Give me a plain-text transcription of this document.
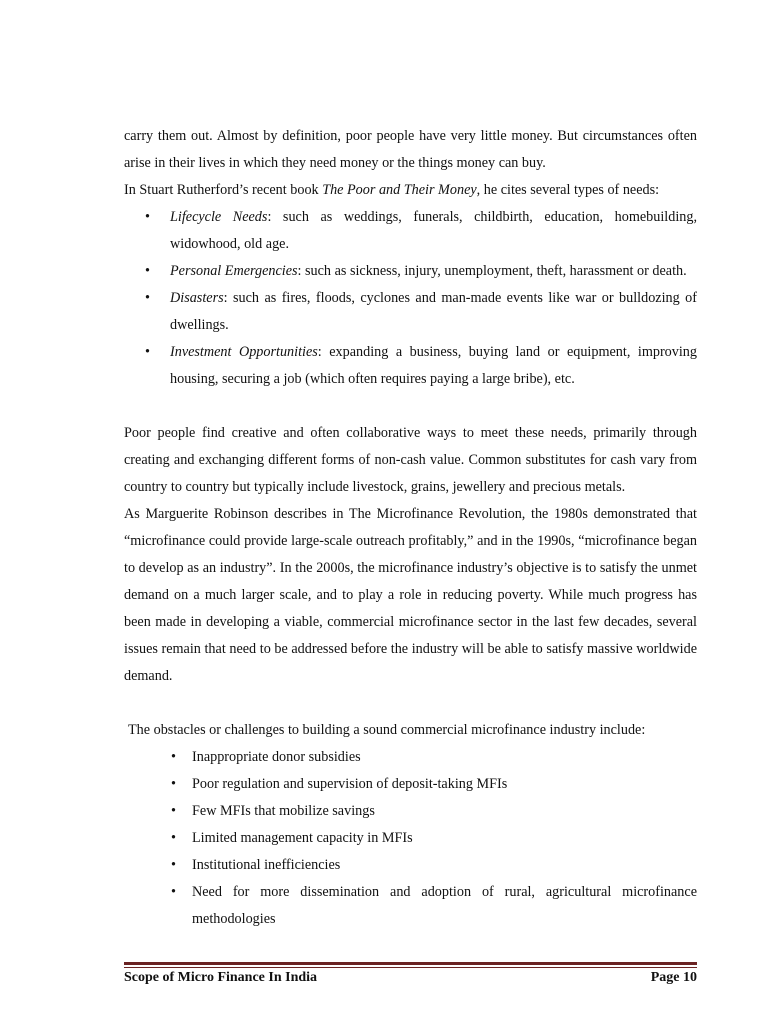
carry them out. Almost by definition, poor people have very little money. But circumstances often arise in their lives in which they need money or the things money can buy.

In Stuart Rutherford’s recent book The Poor and Their Money, he cites several types of needs:

• Lifecycle Needs: such as weddings, funerals, childbirth, education, homebuilding, widowhood, old age.
• Personal Emergencies: such as sickness, injury, unemployment, theft, harassment or death.
• Disasters: such as fires, floods, cyclones and man-made events like war or bulldozing of dwellings.
• Investment Opportunities: expanding a business, buying land or equipment, improving housing, securing a job (which often requires paying a large bribe), etc.

Poor people find creative and often collaborative ways to meet these needs, primarily through creating and exchanging different forms of non-cash value. Common substitutes for cash vary from country to country but typically include livestock, grains, jewellery and precious metals.

As Marguerite Robinson describes in The Microfinance Revolution, the 1980s demonstrated that “microfinance could provide large-scale outreach profitably,” and in the 1990s, “microfinance began to develop as an industry”. In the 2000s, the microfinance industry’s objective is to satisfy the unmet demand on a much larger scale, and to play a role in reducing poverty. While much progress has been made in developing a viable, commercial microfinance sector in the last few decades, several issues remain that need to be addressed before the industry will be able to satisfy massive worldwide demand.

The obstacles or challenges to building a sound commercial microfinance industry include:

• Inappropriate donor subsidies
• Poor regulation and supervision of deposit-taking MFIs
• Few MFIs that mobilize savings
• Limited management capacity in MFIs
• Institutional inefficiencies
• Need for more dissemination and adoption of rural, agricultural microfinance methodologies
Scope of Micro Finance In India	Page 10
